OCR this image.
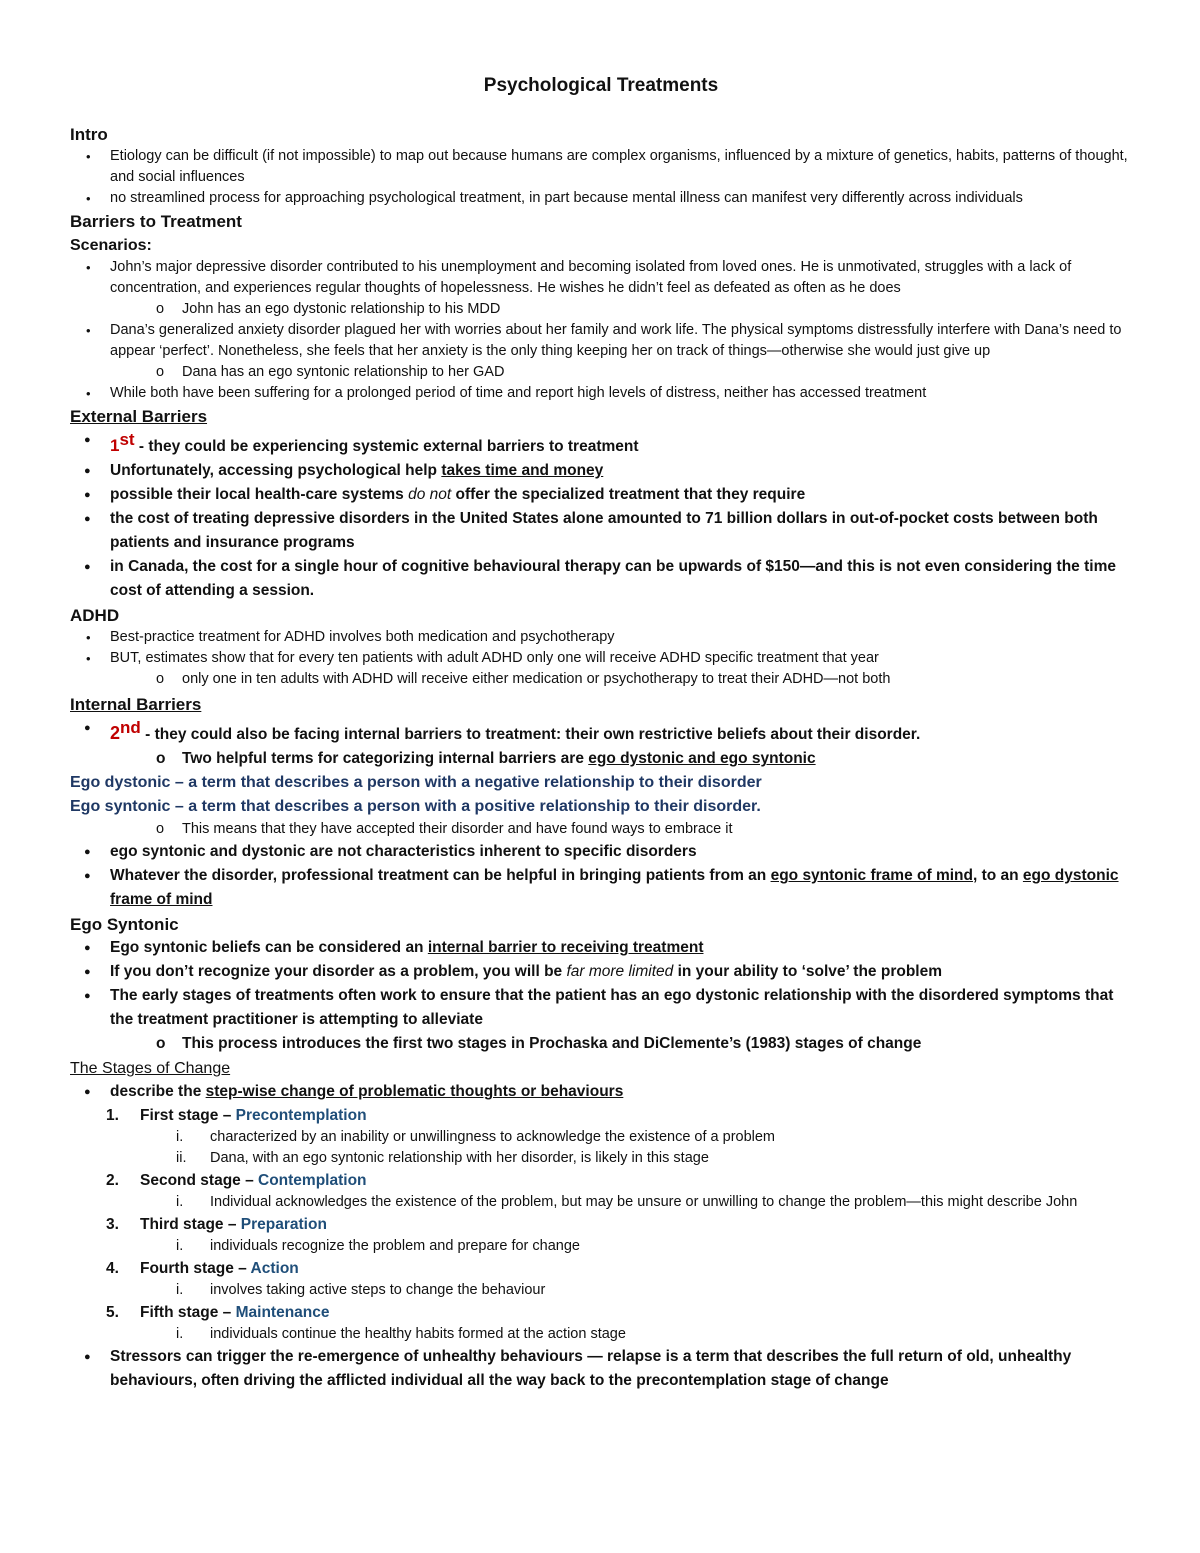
Psychological Treatments
Intro
• Etiology can be difficult (if not impossible) to map out because humans are complex organisms, influenced by a mixture of genetics, habits, patterns of thought, and social influences
• no streamlined process for approaching psychological treatment, in part because mental illness can manifest very differently across individuals
Barriers to Treatment
Scenarios:
• John’s major depressive disorder contributed to his unemployment and becoming isolated from loved ones. He is unmotivated, struggles with a lack of concentration, and experiences regular thoughts of hopelessness. He wishes he didn’t feel as defeated as often as he does
o John has an ego dystonic relationship to his MDD
• Dana’s generalized anxiety disorder plagued her with worries about her family and work life. The physical symptoms distressfully interfere with Dana’s need to appear ‘perfect’. Nonetheless, she feels that her anxiety is the only thing keeping her on track of things—otherwise she would just give up
o Dana has an ego syntonic relationship to her GAD
• While both have been suffering for a prolonged period of time and report high levels of distress, neither has accessed treatment
External Barriers
● 1st - they could be experiencing systemic external barriers to treatment
● Unfortunately, accessing psychological help takes time and money
● possible their local health-care systems do not offer the specialized treatment that they require
● the cost of treating depressive disorders in the United States alone amounted to 71 billion dollars in out-of-pocket costs between both patients and insurance programs
● in Canada, the cost for a single hour of cognitive behavioural therapy can be upwards of $150—and this is not even considering the time cost of attending a session.
ADHD
• Best-practice treatment for ADHD involves both medication and psychotherapy
• BUT, estimates show that for every ten patients with adult ADHD only one will receive ADHD specific treatment that year
o only one in ten adults with ADHD will receive either medication or psychotherapy to treat their ADHD—not both
Internal Barriers
● 2nd - they could also be facing internal barriers to treatment: their own restrictive beliefs about their disorder.
o Two helpful terms for categorizing internal barriers are ego dystonic and ego syntonic
Ego dystonic – a term that describes a person with a negative relationship to their disorder
Ego syntonic – a term that describes a person with a positive relationship to their disorder.
o This means that they have accepted their disorder and have found ways to embrace it
● ego syntonic and dystonic are not characteristics inherent to specific disorders
● Whatever the disorder, professional treatment can be helpful in bringing patients from an ego syntonic frame of mind, to an ego dystonic frame of mind
Ego Syntonic
● Ego syntonic beliefs can be considered an internal barrier to receiving treatment
● If you don’t recognize your disorder as a problem, you will be far more limited in your ability to ‘solve’ the problem
● The early stages of treatments often work to ensure that the patient has an ego dystonic relationship with the disordered symptoms that the treatment practitioner is attempting to alleviate
o This process introduces the first two stages in Prochaska and DiClemente’s (1983) stages of change
The Stages of Change
● describe the step-wise change of problematic thoughts or behaviours
1. First stage – Precontemplation
i.	characterized by an inability or unwillingness to acknowledge the existence of a problem
ii.	Dana, with an ego syntonic relationship with her disorder, is likely in this stage
2. Second stage – Contemplation
i.	Individual acknowledges the existence of the problem, but may be unsure or unwilling to change the problem—this might describe John
3. Third stage – Preparation
i.	individuals recognize the problem and prepare for change
4. Fourth stage – Action
i.	involves taking active steps to change the behaviour
5. Fifth stage – Maintenance
i.	individuals continue the healthy habits formed at the action stage
● Stressors can trigger the re-emergence of unhealthy behaviours — relapse is a term that describes the full return of old, unhealthy behaviours, often driving the afflicted individual all the way back to the precontemplation stage of change
